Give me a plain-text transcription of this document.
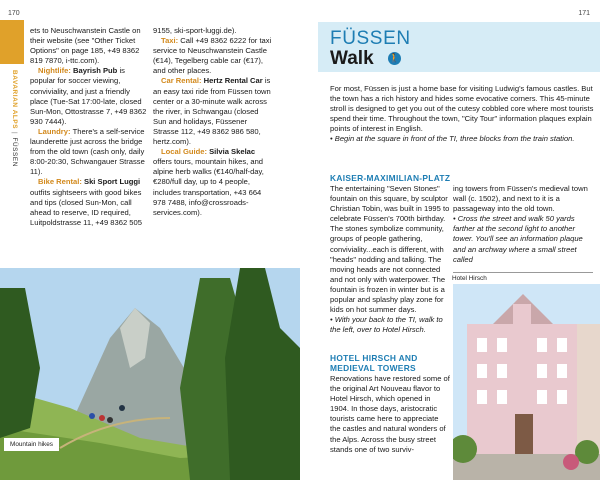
170
BAVARIAN ALPS|FÜSSEN

ets to Neuschwanstein Castle on their website (see "Other Ticket Options" on page 185, +49 8362 819 7870, i-ttc.com).

Nightlife: Bayrish Pub is popular for soccer viewing, conviviality, and just a friendly place (Tue-Sat 17:00-late, closed Sun-Mon, Ottostrasse 7, +49 8362 930 7444).

Laundry: There's a self-service launderette just across the bridge from the old town (cash only, daily 8:00-20:30, Schwangauer Strasse 11).

Bike Rental: Ski Sport Luggi outfits sightseers with good bikes and tips (closed Sun-Mon, call ahead to reserve, ID required, Luitpoldstrasse 11, +49 8362 505

9155, ski-sport-luggi.de).

Taxi: Call +49 8362 6222 for taxi service to Neuschwanstein Castle (€14), Tegelberg cable car (€17), and other places.

Car Rental: Hertz Rental Car is an easy taxi ride from Füssen town center or a 30-minute walk across the river, in Schwangau (closed Sun and holidays, Füssener Strasse 112, +49 8362 986 580, hertz.com).

Local Guide: Silvia Skelac offers tours, mountain hikes, and alpine herb walks (€140/half-day, €280/full day, up to 4 people, includes transportation, +43 664 978 7488, info@crossroads-services.com).

Mountain hikes
171
FÜSSEN
Walk 🚶

For most, Füssen is just a home base for visiting Ludwig's famous castles. But the town has a rich history and hides some evocative corners. This 45-minute stroll is designed to get you out of the cutesy cobbled core where most tourists spend their time. Throughout the town, "City Tour" information plaques explain points of interest in English.

• Begin at the square in front of the TI, three blocks from the train station.

KAISER-MAXIMILIAN-PLATZ

The entertaining "Seven Stones" fountain on this square, by sculptor Christian Tobin, was built in 1995 to celebrate Füssen's 700th birthday. The stones symbolize community, groups of people gathering, conviviality...each is different, with "heads" nodding and talking. The moving heads are not connected and not only with waterpower. The fountain is frozen in winter but is a popular and splashy play zone for kids on hot summer days.

• With your back to the TI, walk to the left, over to Hotel Hirsch.

ing towers from Füssen's medieval town wall (c. 1502), and next to it is a passageway into the old town.

• Cross the street and walk 50 yards farther at the second light to another tower. You'll see an information plaque and an archway where a small street called

Hotel Hirsch
HOTEL HIRSCH AND MEDIEVAL TOWERS

Renovations have restored some of the original Art Nouveau flavor to Hotel Hirsch, which opened in 1904. In those days, aristocratic tourists came here to appreciate the castles and natural wonders of the Alps. Across the busy street stands one of two surviv-
